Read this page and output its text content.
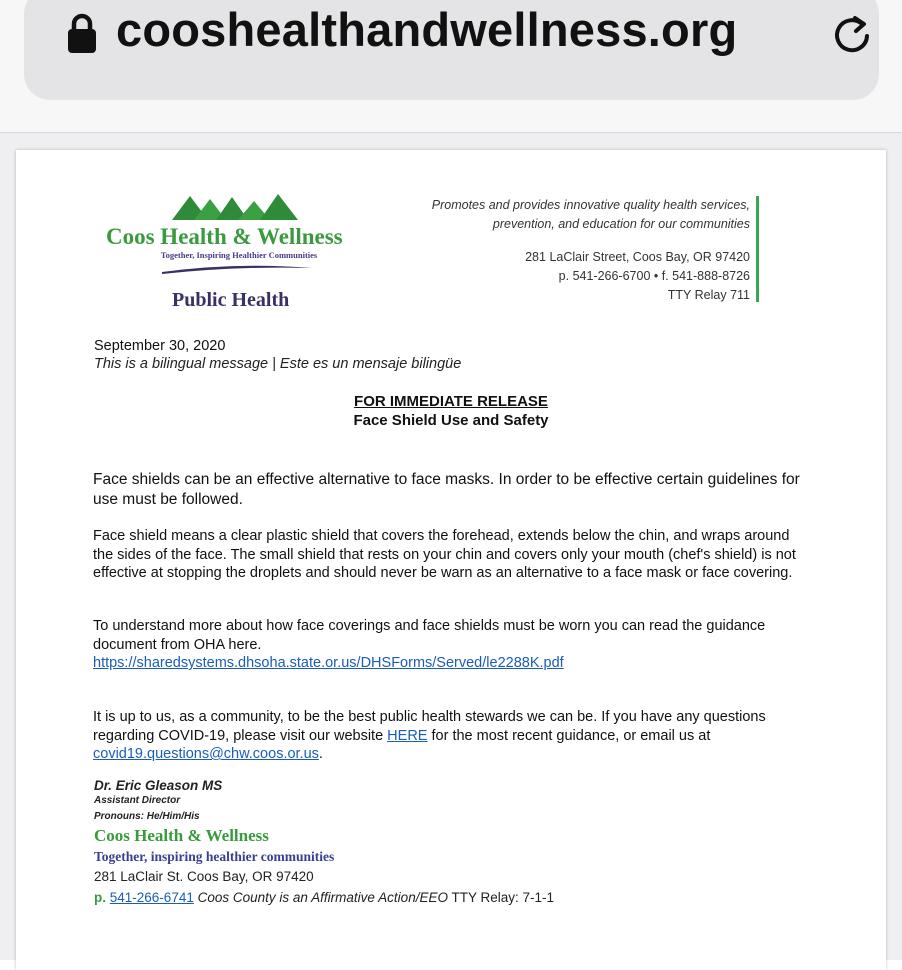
cooshealthandwellness.org
Coos Health & Wellness
Together, Inspiring Healthier Communities
Public Health
Promotes and provides innovative quality health services,
prevention, and education for our communities
281 LaClair Street, Coos Bay, OR 97420
p. 541-266-6700 • f. 541-888-8726
TTY Relay 711
September 30, 2020
This is a bilingual message | Este es un mensaje bilingüe
FOR IMMEDIATE RELEASE
Face Shield Use and Safety
Face shields can be an effective alternative to face masks. In order to be effective certain guidelines for use must be followed.
Face shield means a clear plastic shield that covers the forehead, extends below the chin, and wraps around the sides of the face. The small shield that rests on your chin and covers only your mouth (chef's shield) is not effective at stopping the droplets and should never be warn as an alternative to a face mask or face covering.
To understand more about how face coverings and face shields must be worn you can read the guidance document from OHA here.
https://sharedsystems.dhsoha.state.or.us/DHSForms/Served/le2288K.pdf
It is up to us, as a community, to be the best public health stewards we can be. If you have any questions regarding COVID-19, please visit our website HERE for the most recent guidance, or email us at covid19.questions@chw.coos.or.us.
Dr. Eric Gleason MS
Assistant Director
Pronouns: He/Him/His
Coos Health & Wellness
Together, inspiring healthier communities
281 LaClair St. Coos Bay, OR 97420
p. 541-266-6741 Coos County is an Affirmative Action/EEO TTY Relay: 7-1-1
